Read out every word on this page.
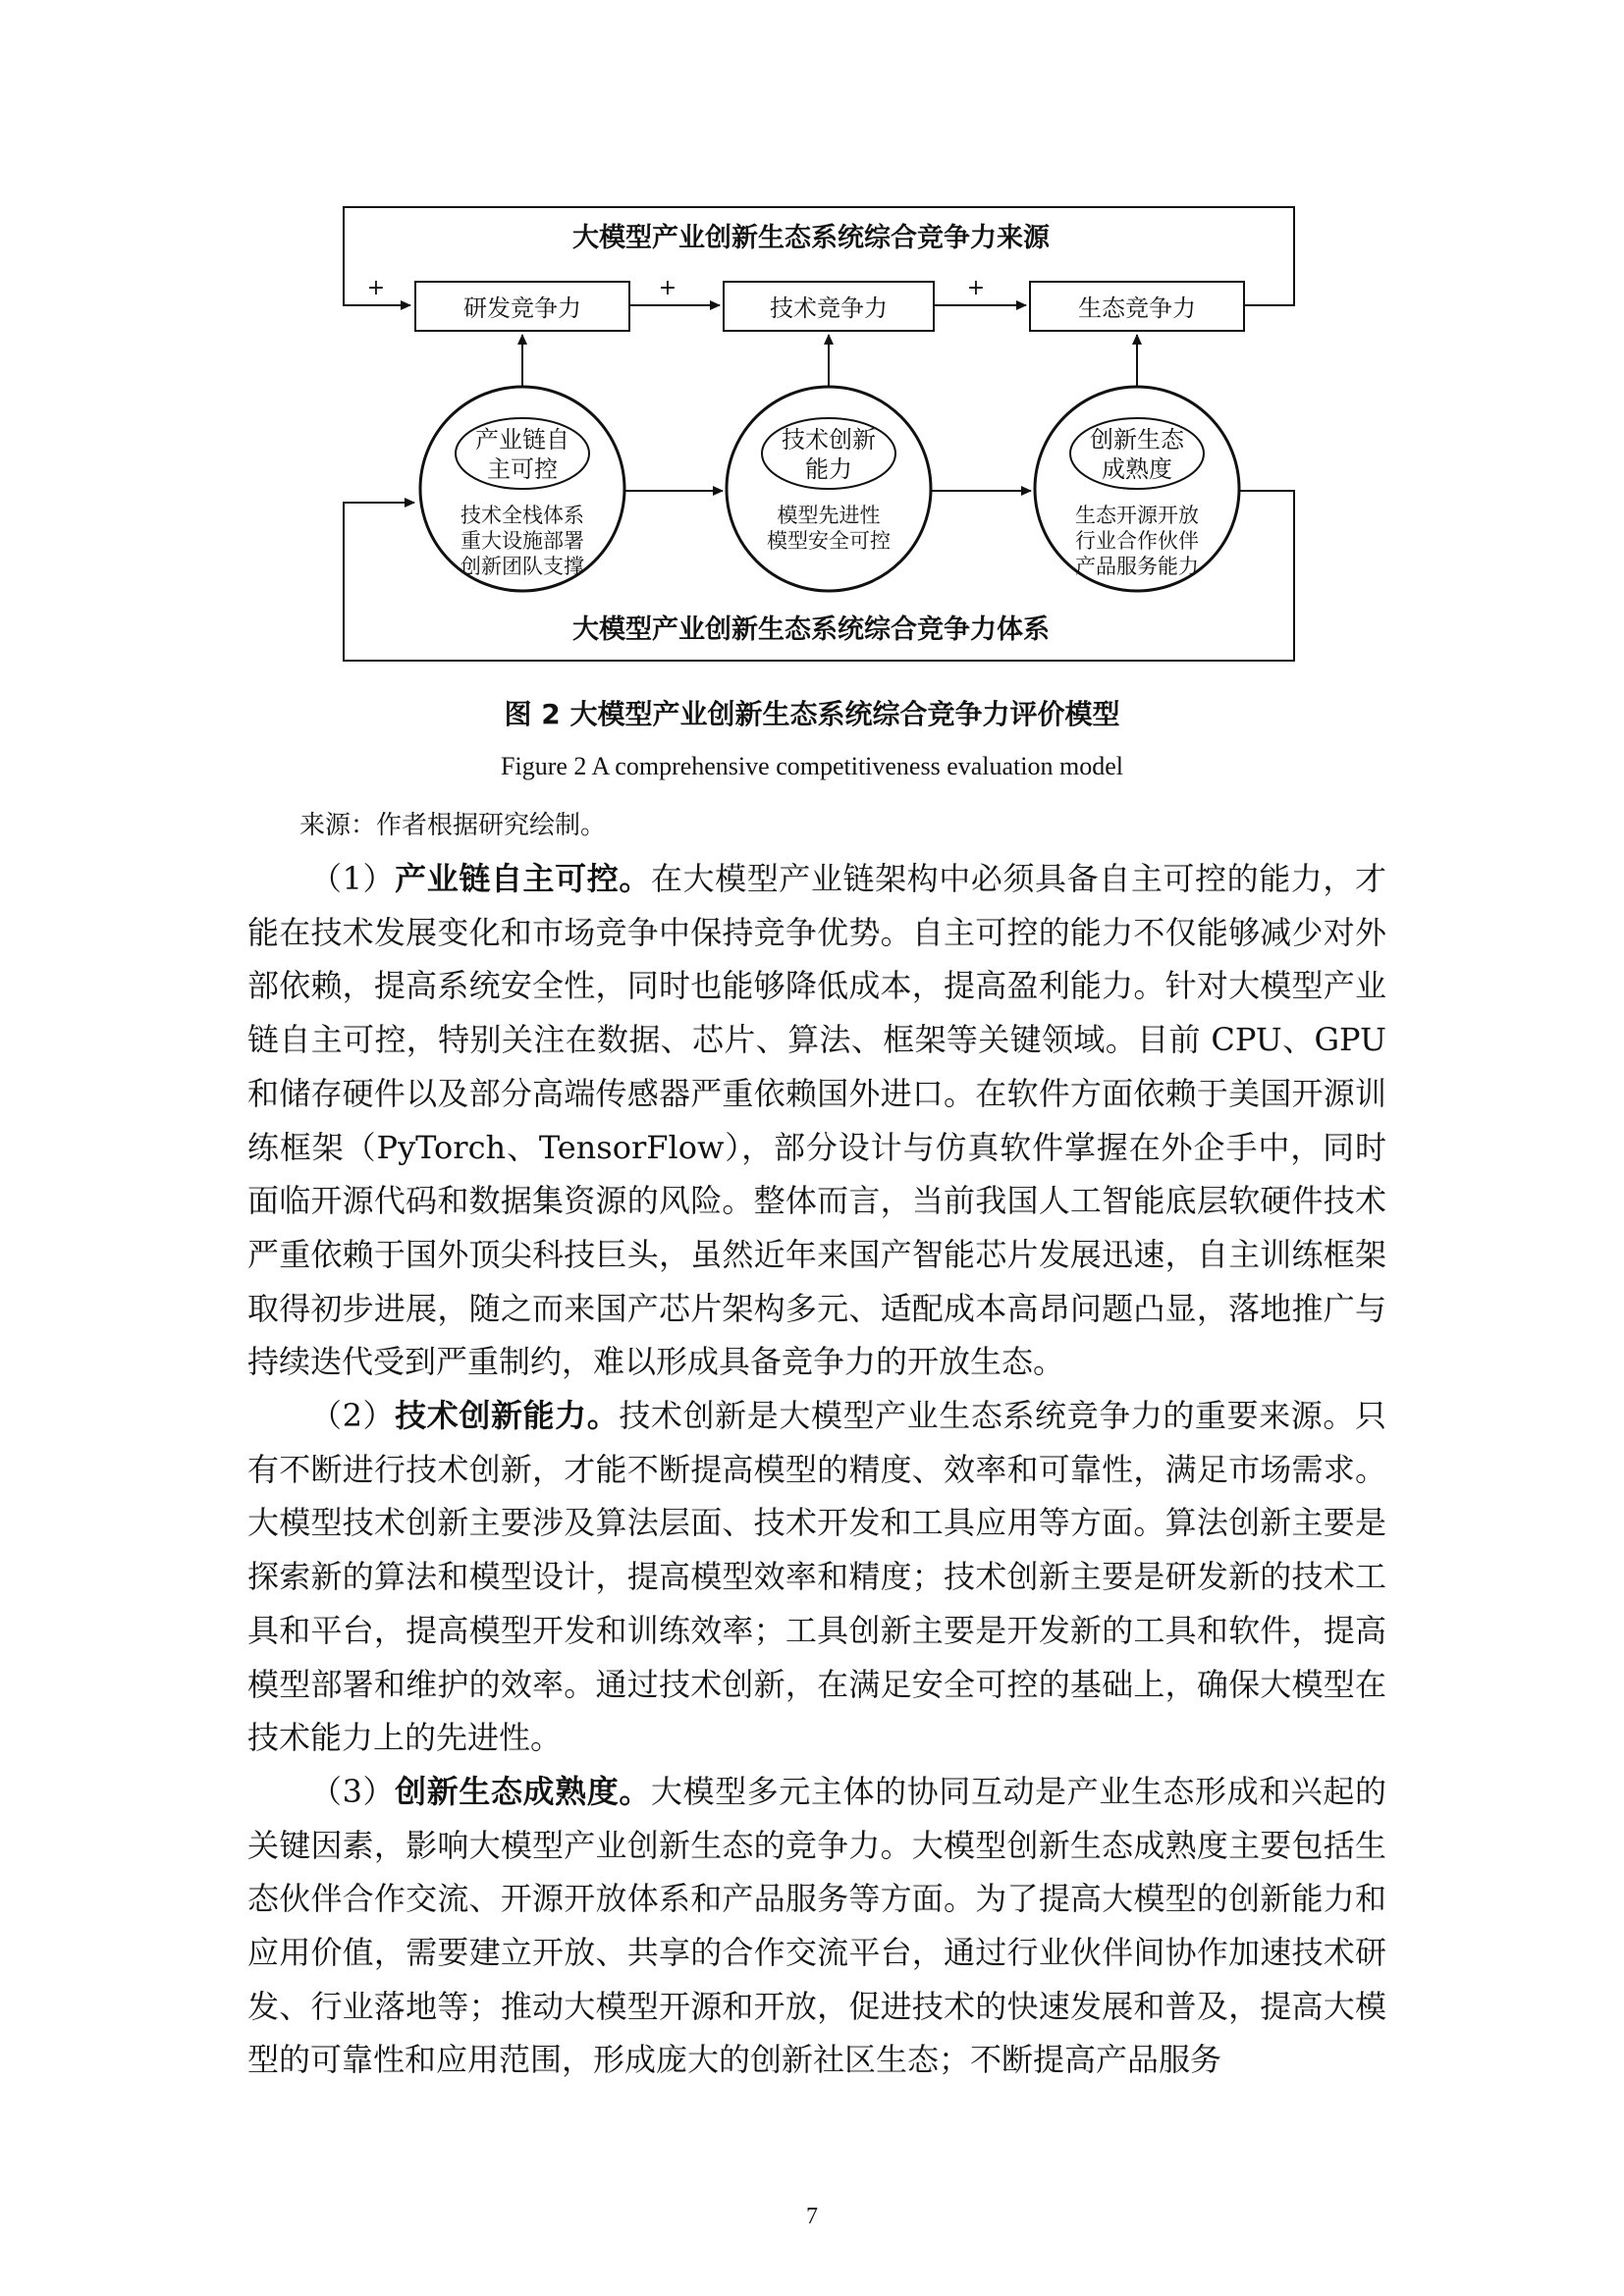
大模型产业创新生态系统综合竞争力来源
+	+	+
研发竞争力	技术竞争力	生态竞争力
大模型产业创新生态系统综合竞争力体系
产业链自
主可控
技术全栈体系
重大设施部署
创新团队支撑
技术创新
能力
模型先进性
模型安全可控
创新生态
成熟度
生态开源开放
行业合作伙伴
产品服务能力
图 2 大模型产业创新生态系统综合竞争力评价模型
Figure 2 A comprehensive competitiveness evaluation model
来源：作者根据研究绘制。

（1）产业链自主可控。在大模型产业链架构中必须具备自主可控的能力，才能在技术发展变化和市场竞争中保持竞争优势。自主可控的能力不仅能够减少对外部依赖，提高系统安全性，同时也能够降低成本，提高盈利能力。针对大模型产业链自主可控，特别关注在数据、芯片、算法、框架等关键领域。目前 CPU、GPU 和储存硬件以及部分高端传感器严重依赖国外进口。在软件方面依赖于美国开源训练框架（PyTorch、TensorFlow），部分设计与仿真软件掌握在外企手中，同时面临开源代码和数据集资源的风险。整体而言，当前我国人工智能底层软硬件技术严重依赖于国外顶尖科技巨头，虽然近年来国产智能芯片发展迅速，自主训练框架取得初步进展，随之而来国产芯片架构多元、适配成本高昂问题凸显，落地推广与持续迭代受到严重制约，难以形成具备竞争力的开放生态。

（2）技术创新能力。技术创新是大模型产业生态系统竞争力的重要来源。只有不断进行技术创新，才能不断提高模型的精度、效率和可靠性，满足市场需求。大模型技术创新主要涉及算法层面、技术开发和工具应用等方面。算法创新主要是探索新的算法和模型设计，提高模型效率和精度；技术创新主要是研发新的技术工具和平台，提高模型开发和训练效率；工具创新主要是开发新的工具和软件，提高模型部署和维护的效率。通过技术创新，在满足安全可控的基础上，确保大模型在技术能力上的先进性。

（3）创新生态成熟度。大模型多元主体的协同互动是产业生态形成和兴起的关键因素，影响大模型产业创新生态的竞争力。大模型创新生态成熟度主要包括生态伙伴合作交流、开源开放体系和产品服务等方面。为了提高大模型的创新能力和应用价值，需要建立开放、共享的合作交流平台，通过行业伙伴间协作加速技术研发、行业落地等；推动大模型开源和开放，促进技术的快速发展和普及，提高大模型的可靠性和应用范围，形成庞大的创新社区生态；不断提高产品服务

7
